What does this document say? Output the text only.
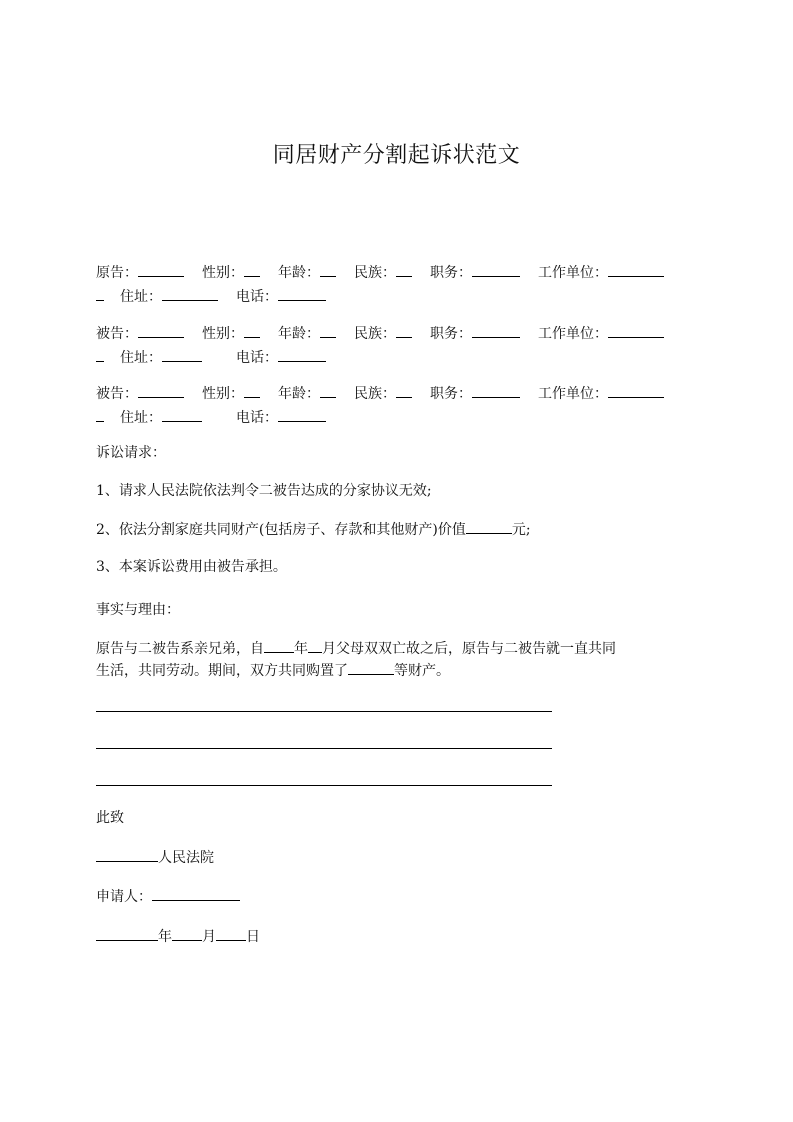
同居财产分割起诉状范文
原告：	性别： 年龄： 民族： 职务：	工作单位：
住址：	电话：
被告：	性别： 年龄： 民族： 职务：	工作单位：
住址：	电话：
被告：	性别： 年龄： 民族： 职务：	工作单位：
住址：	电话：
诉讼请求：
1、请求人民法院依法判令二被告达成的分家协议无效;
2、依法分割家庭共同财产(包括房子、存款和其他财产)价值	元;
3、本案诉讼费用由被告承担。
事实与理由：
原告与二被告系亲兄弟，自 年 月父母双双亡故之后，原告与二被告就一直共同
生活，共同劳动。期间，双方共同购置了	等财产。
此致
人民法院
申请人：
年 月 日
